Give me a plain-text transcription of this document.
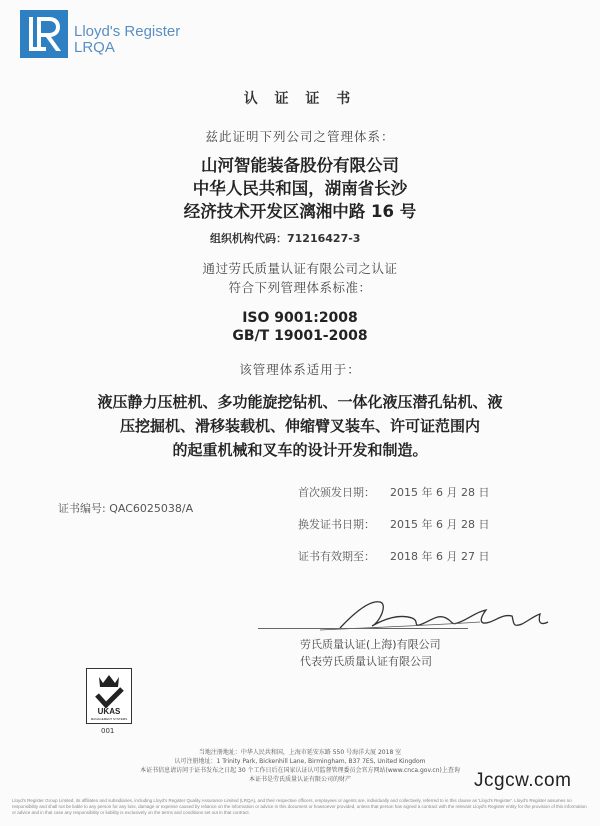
Lloyd's Register
LRQA
认 证 证 书
兹此证明下列公司之管理体系：
山河智能装备股份有限公司
中华人民共和国，湖南省长沙
经济技术开发区漓湘中路 16 号
组织机构代码：71216427-3
通过劳氏质量认证有限公司之认证
符合下列管理体系标准：
ISO 9001:2008
GB/T 19001-2008
该管理体系适用于：
液压静力压桩机、多功能旋挖钻机、一体化液压潜孔钻机、液
压挖掘机、滑移装载机、伸缩臂叉装车、许可证范围内
的起重机械和叉车的设计开发和制造。
证书编号: QAC6025038/A
首次颁发日期： 2015 年 6 月 28 日
换发证书日期： 2015 年 6 月 28 日
证书有效期至： 2018 年 6 月 27 日
劳氏质量认证(上海)有限公司
代表劳氏质量认证有限公司
UKAS
MANAGEMENT SYSTEMS
001
当地注册地址：中华人民共和国，上海市延安东路 550 号海洋大厦 2018 室
认可注册地址：1 Trinity Park, Bickenhill Lane, Birmingham, B37 7ES, United Kingdom
本证书信息请访问于证书发布之日起 30 个工作日后在国家认证认可监督管理委员会官方网站(www.cnca.gov.cn)上查询
本证书是劳氏质量认证有限公司的财产	Jcgcw.com
Lloyd's Register Group Limited, its affiliates and subsidiaries, including Lloyd's Register Quality Assurance Limited (LRQA), and their respective officers, employees or agents are, individually and collectively, referred to in this clause as 'Lloyd's Register'. Lloyd's Register assumes no responsibility and shall not be liable to any person for any loss, damage or expense caused by reliance on the information or advice in this document or howsoever provided, unless that person has signed a contract with the relevant Lloyd's Register entity for the provision of this information or advice and in that case any responsibility or liability is exclusively on the terms and conditions set out in that contract.
